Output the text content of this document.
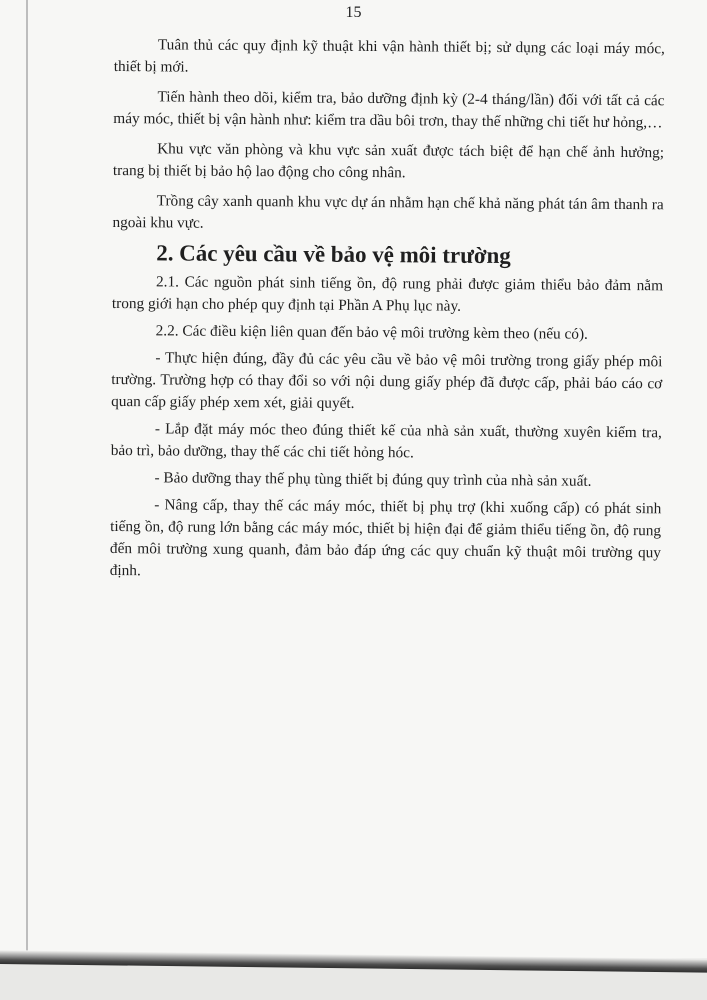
15

Tuân thủ các quy định kỹ thuật khi vận hành thiết bị; sử dụng các loại máy móc, thiết bị mới.

Tiến hành theo dõi, kiểm tra, bảo dưỡng định kỳ (2-4 tháng/lần) đối với tất cả các máy móc, thiết bị vận hành như: kiểm tra dầu bôi trơn, thay thế những chi tiết hư hỏng,…

Khu vực văn phòng và khu vực sản xuất được tách biệt để hạn chế ảnh hưởng; trang bị thiết bị bảo hộ lao động cho công nhân.

Trồng cây xanh quanh khu vực dự án nhằm hạn chế khả năng phát tán âm thanh ra ngoài khu vực.

2. Các yêu cầu về bảo vệ môi trường

2.1. Các nguồn phát sinh tiếng ồn, độ rung phải được giảm thiểu bảo đảm nằm trong giới hạn cho phép quy định tại Phần A Phụ lục này.

2.2. Các điều kiện liên quan đến bảo vệ môi trường kèm theo (nếu có).

- Thực hiện đúng, đầy đủ các yêu cầu về bảo vệ môi trường trong giấy phép môi trường. Trường hợp có thay đổi so với nội dung giấy phép đã được cấp, phải báo cáo cơ quan cấp giấy phép xem xét, giải quyết.

- Lắp đặt máy móc theo đúng thiết kế của nhà sản xuất, thường xuyên kiểm tra, bảo trì, bảo dưỡng, thay thế các chi tiết hỏng hóc.

- Bảo dưỡng thay thế phụ tùng thiết bị đúng quy trình của nhà sản xuất.

- Nâng cấp, thay thế các máy móc, thiết bị phụ trợ (khi xuống cấp) có phát sinh tiếng ồn, độ rung lớn bằng các máy móc, thiết bị hiện đại để giảm thiểu tiếng ồn, độ rung đến môi trường xung quanh, đảm bảo đáp ứng các quy chuẩn kỹ thuật môi trường quy định.
